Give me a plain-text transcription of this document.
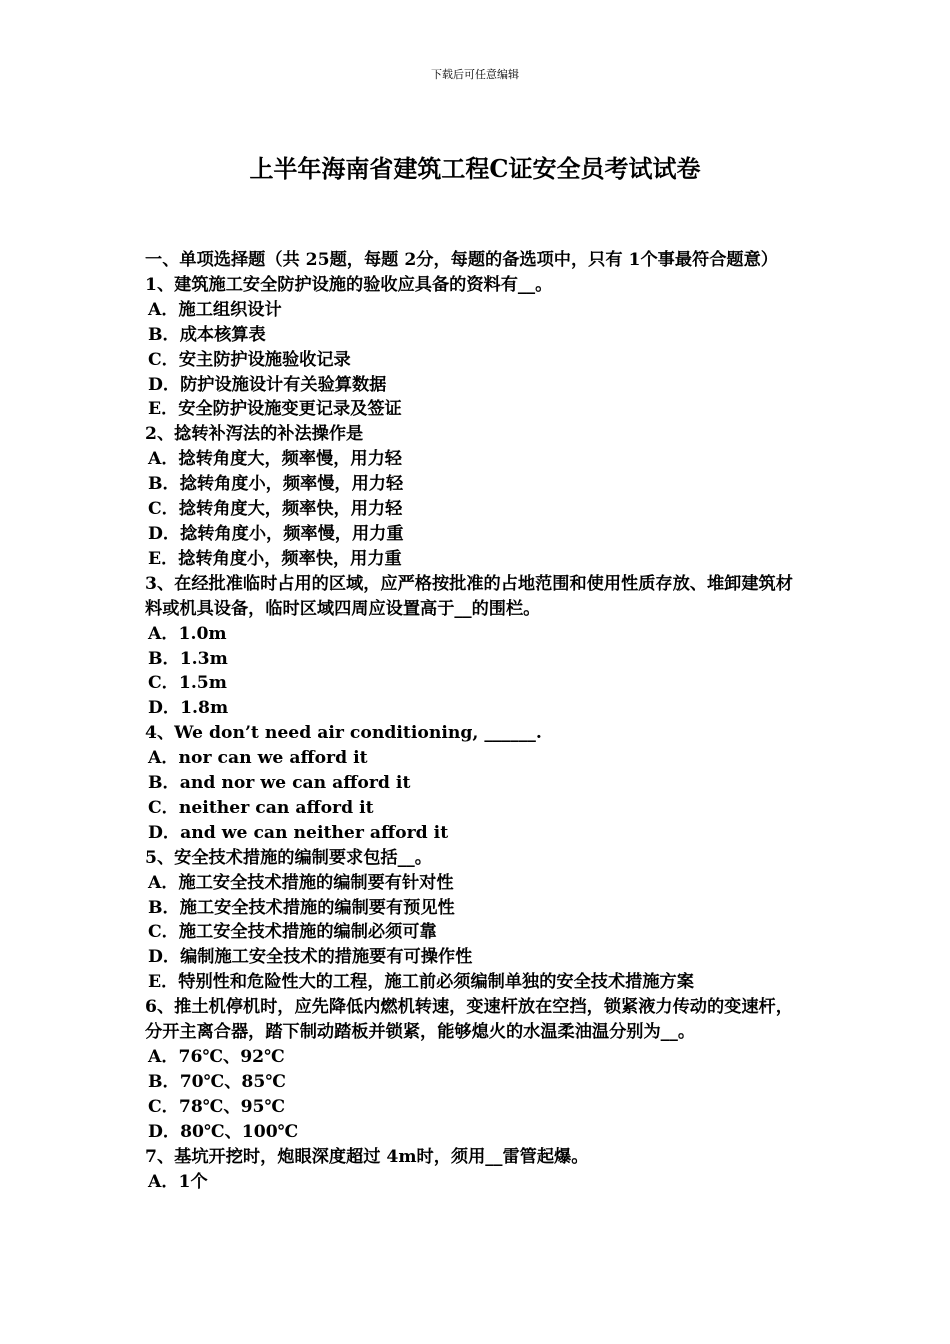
下载后可任意编辑
上半年海南省建筑工程C证安全员考试试卷

一、单项选择题（共 25题，每题 2分，每题的备选项中，只有 1个事最符合题意）

1、建筑施工安全防护设施的验收应具备的资料有__。

A．施工组织设计
B．成本核算表
C．安主防护设施验收记录
D．防护设施设计有关验算数据
E．安全防护设施变更记录及签证

2、捻转补泻法的补法操作是

A．捻转角度大，频率慢，用力轻
B．捻转角度小，频率慢，用力轻
C．捻转角度大，频率快，用力轻
D．捻转角度小，频率慢，用力重
E．捻转角度小，频率快，用力重

3、在经批准临时占用的区域，应严格按批准的占地范围和使用性质存放、堆卸建筑材料或机具设备，临时区域四周应设置高于__的围栏。

A．1.0m
B．1.3m
C．1.5m
D．1.8m

4、We don’t need air conditioning, ______.

A．nor can we afford it
B．and nor we can afford it
C．neither can afford it
D．and we can neither afford it

5、安全技术措施的编制要求包括__。

A．施工安全技术措施的编制要有针对性
B．施工安全技术措施的编制要有预见性
C．施工安全技术措施的编制必须可靠
D．编制施工安全技术的措施要有可操作性
E．特别性和危险性大的工程，施工前必须编制单独的安全技术措施方案

6、推土机停机时，应先降低内燃机转速，变速杆放在空挡，锁紧液力传动的变速杆，分开主离合器，踏下制动踏板并锁紧，能够熄火的水温柔油温分别为__。

A．76℃、92℃
B．70℃、85℃
C．78℃、95℃
D．80℃、100℃

7、基坑开挖时，炮眼深度超过 4m时，须用__雷管起爆。

A．1个
